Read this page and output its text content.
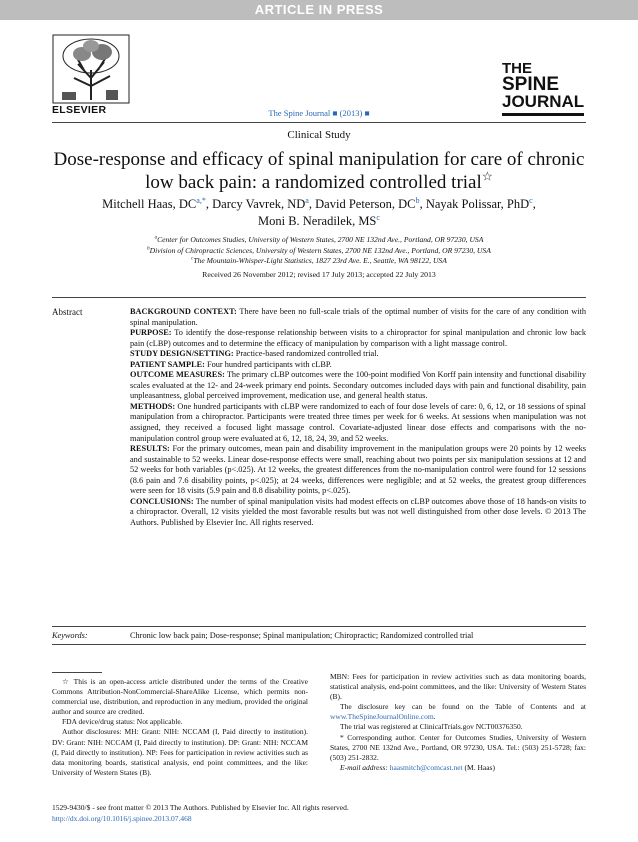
ARTICLE IN PRESS
ELSEVIER	The Spine Journal ■ (2013) ■
THE
SPINE
JOURNAL
Clinical Study
Dose-response and efficacy of spinal manipulation for care of chronic
low back pain: a randomized controlled trial☆
Mitchell Haas, $DC^{a,*}$, Darcy Vavrek, $ND^a$, David Peterson, $DC^b$, Nayak Polissar, PhD$^c$,
Moni B. Neradilek, $MS^c$
$^a$Center for Outcomes Studies, University of Western States, 2700 NE 132nd Ave., Portland, OR 97230, USA
$^b$Division of Chiropractic Sciences, University of Western States, 2700 NE 132nd Ave., Portland, OR 97230, USA
$^c$The Mountain-Whisper-Light Statistics, 1827 23rd Ave. E., Seattle, WA 98122, USA
Received 26 November 2012; revised 17 July 2013; accepted 22 July 2013
Abstract	BACKGROUND CONTEXT: There have been no full-scale trials of the optimal number of visits for the care of any condition with spinal manipulation.

PURPOSE: To identify the dose-response relationship between visits to a chiropractor for spinal manipulation and chronic low back pain (cLBP) outcomes and to determine the efficacy of manipulation by comparison with a light massage control.

STUDY DESIGN/SETTING: Practice-based randomized controlled trial.

PATIENT SAMPLE: Four hundred participants with cLBP.

OUTCOME MEASURES: The primary cLBP outcomes were the 100-point modified Von Korff pain intensity and functional disability scales evaluated at the 12- and 24-week primary end points. Secondary outcomes included days with pain and functional disability, pain unpleasantness, global perceived improvement, medication use, and general health status.

METHODS: One hundred participants with cLBP were randomized to each of four dose levels of care: 0, 6, 12, or 18 sessions of spinal manipulation from a chiropractor. Participants were treated three times per week for 6 weeks. At sessions when manipulation was not assigned, they received a focused light massage control. Covariate-adjusted linear dose effects and comparisons with the no-manipulation control group were evaluated at 6, 12, 18, 24, 39, and 52 weeks.

RESULTS: For the primary outcomes, mean pain and disability improvement in the manipulation groups were 20 points by 12 weeks and sustainable to 52 weeks. Linear dose-response effects were small, reaching about two points per six manipulation sessions at 12 and 52 weeks for both variables (p<.025). At 12 weeks, the greatest differences from the no-manipulation control were found for 12 sessions (8.6 pain and 7.6 disability points, p<.025); at 24 weeks, differences were negligible; and at 52 weeks, the greatest group differences were seen for 18 visits (5.9 pain and 8.8 disability points, p<.025).

CONCLUSIONS: The number of spinal manipulation visits had modest effects on cLBP outcomes above those of 18 hands-on visits to a chiropractor. Overall, 12 visits yielded the most favorable results but was not well distinguished from other dose levels. © 2013 The Authors. Published by Elsevier Inc. All rights reserved.

Keywords:	Chronic low back pain; Dose-response; Spinal manipulation; Chiropractic; Randomized controlled trial

☆ This is an open-access article distributed under the terms of the Creative Commons Attribution-NonCommercial-ShareAlike License, which permits non-commercial use, distribution, and reproduction in any medium, provided the original author and source are credited.

FDA device/drug status: Not applicable.

Author disclosures: MH: Grant: NIH: NCCAM (I, Paid directly to institution). DV: Grant: NIH: NCCAM (I, Paid directly to institution). DP: Grant: NIH: NCCAM (I, Paid directly to institution). NP: Fees for participation in review activities such as data monitoring boards, statistical analysis, end point committees, and the like: University of Western States (B).

MBN: Fees for participation in review activities such as data monitoring boards, statistical analysis, end-point committees, and the like: University of Western States (B).

The disclosure key can be found on the Table of Contents and at www.TheSpineJournalOnline.com.

The trial was registered at ClinicalTrials.gov NCT00376350.

* Corresponding author. Center for Outcomes Studies, University of Western States, 2700 NE 132nd Ave., Portland, OR 97230, USA. Tel.: (503) 251-5728; fax: (503) 251-2832.

E-mail address: haasmitch@comcast.net (M. Haas)

1529-9430/$ - see front matter © 2013 The Authors. Published by Elsevier Inc. All rights reserved.
http://dx.doi.org/10.1016/j.spinee.2013.07.468
